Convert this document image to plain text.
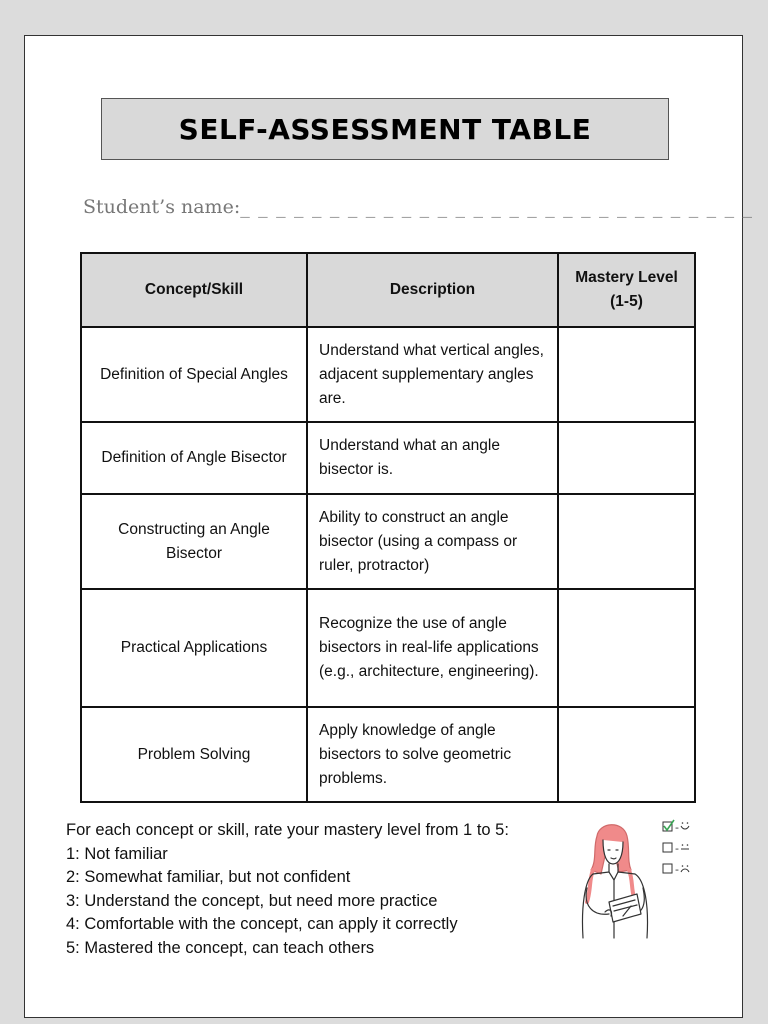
SELF-ASSESSMENT TABLE
Student’s name:_ _ _ _ _ _ _ _ _ _ _ _ _ _ _ _ _ _ _ _ _ _ _ _ _ _ _ _ _
Concept/Skill	Description	Mastery Level (1-5)
Definition of Special Angles	Understand what vertical angles, adjacent supplementary angles are.	
Definition of Angle Bisector	Understand what an angle bisector is.	
Constructing an Angle Bisector	Ability to construct an angle bisector (using a compass or ruler, protractor)	
Practical Applications	Recognize the use of angle bisectors in real-life applications (e.g., architecture, engineering).	
Problem Solving	Apply knowledge of angle bisectors to solve geometric problems.	
For each concept or skill, rate your mastery level from 1 to 5:
1: Not familiar
2: Somewhat familiar, but not confident
3: Understand the concept, but need more practice
4: Comfortable with the concept, can apply it correctly
5: Mastered the concept, can teach others
-
-
-
